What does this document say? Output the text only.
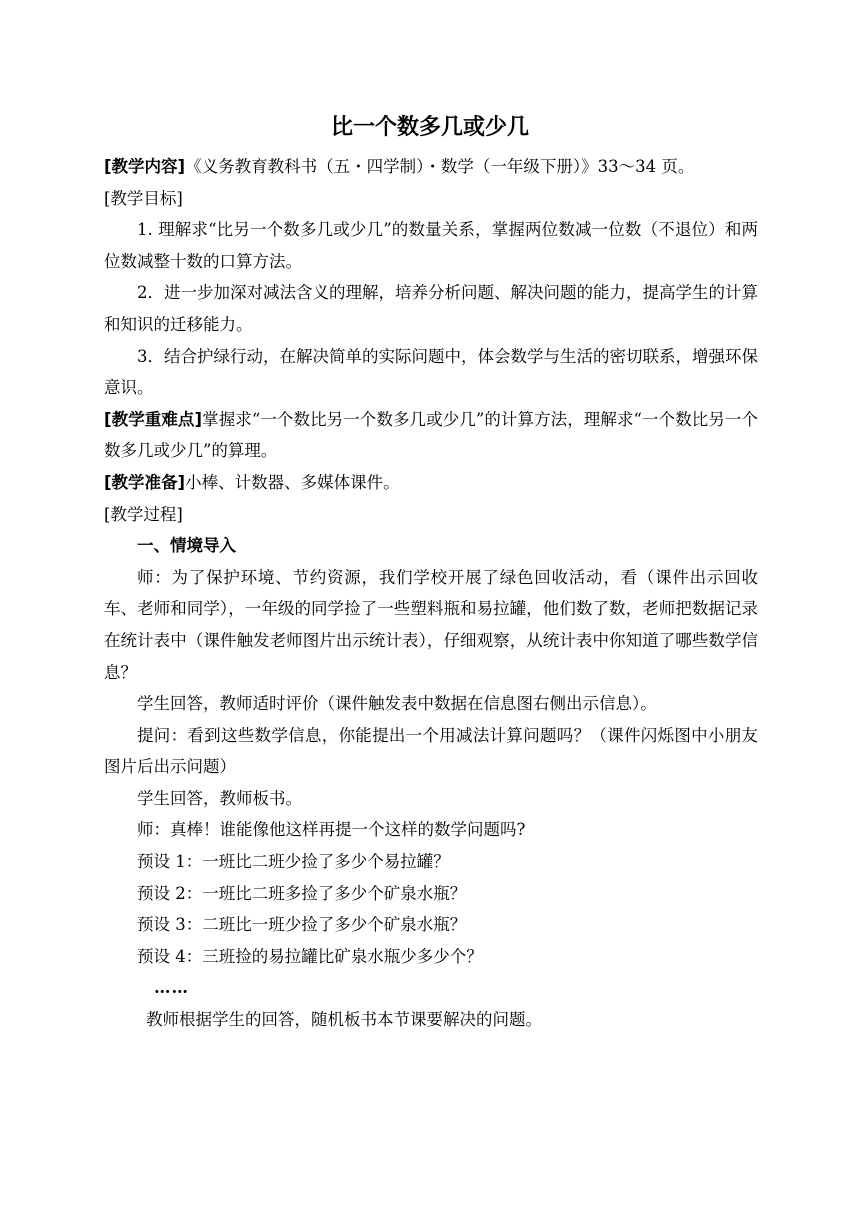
比一个数多几或少几

[教学内容]《义务教育教科书（五・四学制）・数学（一年级下册）》33～34 页。

[教学目标]

1. 理解求“比另一个数多几或少几”的数量关系，掌握两位数减一位数（不退位）和两位数减整十数的口算方法。

2．进一步加深对减法含义的理解，培养分析问题、解决问题的能力，提高学生的计算和知识的迁移能力。

3．结合护绿行动，在解决简单的实际问题中，体会数学与生活的密切联系，增强环保意识。

[教学重难点]掌握求“一个数比另一个数多几或少几”的计算方法，理解求“一个数比另一个数多几或少几”的算理。

[教学准备]小棒、计数器、多媒体课件。

[教学过程]

一、情境导入

师：为了保护环境、节约资源，我们学校开展了绿色回收活动，看（课件出示回收车、老师和同学），一年级的同学捡了一些塑料瓶和易拉罐，他们数了数，老师把数据记录在统计表中（课件触发老师图片出示统计表），仔细观察，从统计表中你知道了哪些数学信息？

学生回答，教师适时评价（课件触发表中数据在信息图右侧出示信息）。

提问：看到这些数学信息，你能提出一个用减法计算问题吗？（课件闪烁图中小朋友图片后出示问题）

学生回答，教师板书。

师：真棒！谁能像他这样再提一个这样的数学问题吗?

预设 1：一班比二班少捡了多少个易拉罐？

预设 2：一班比二班多捡了多少个矿泉水瓶？

预设 3：二班比一班少捡了多少个矿泉水瓶？

预设 4：三班捡的易拉罐比矿泉水瓶少多少个？

……

教师根据学生的回答，随机板书本节课要解决的问题。
